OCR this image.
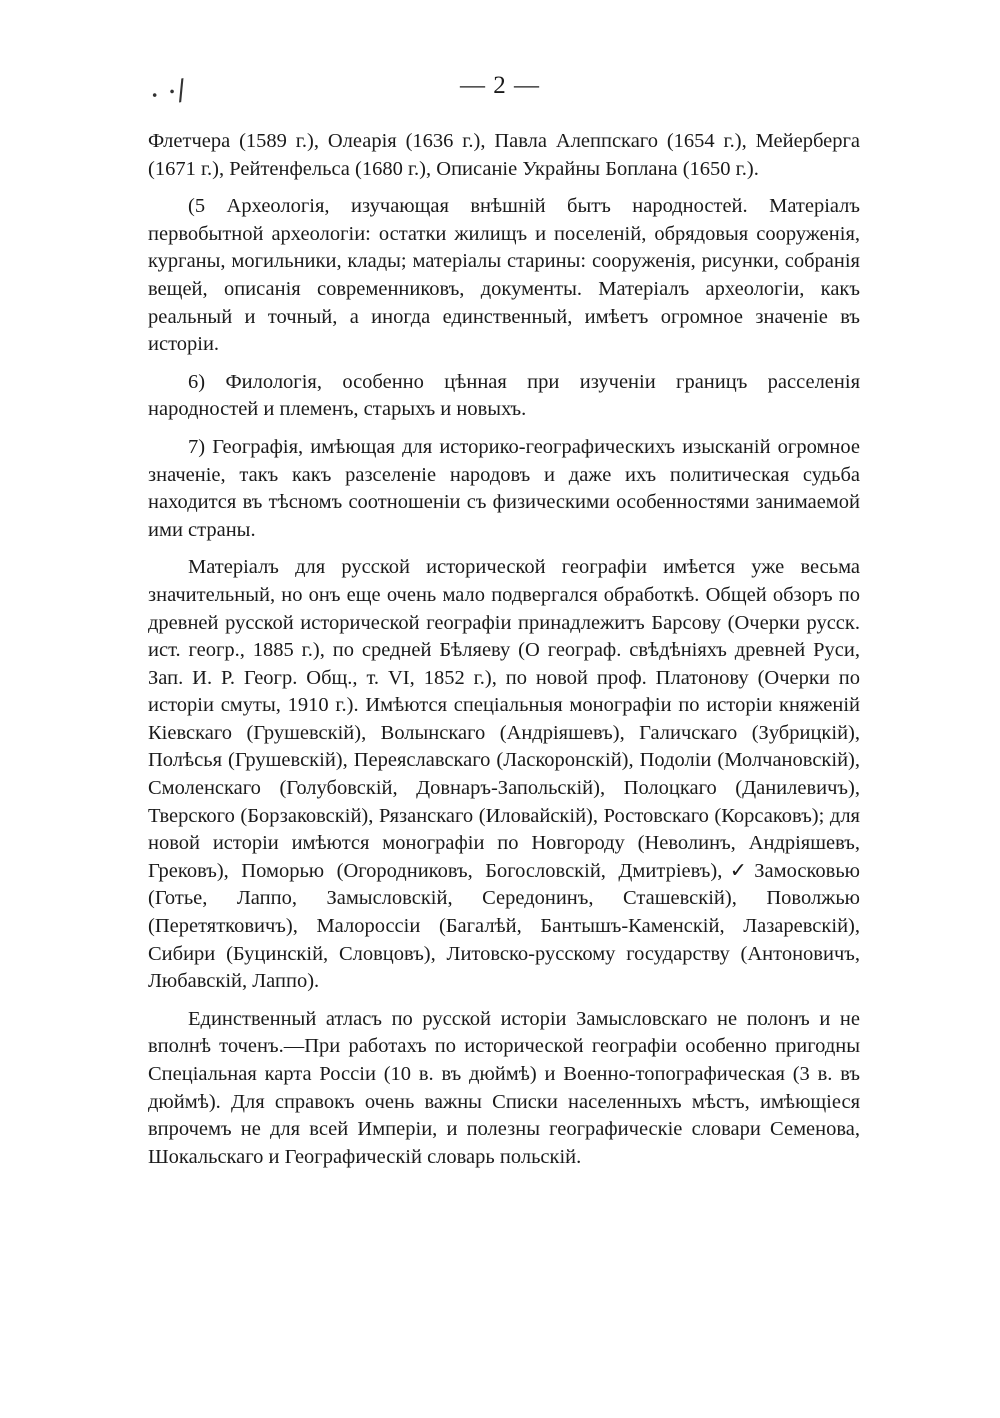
· ·/	— 2 —

Флетчера (1589 г.), Олеарія (1636 г.), Павла Алеппскаго (1654 г.), Мейерберга (1671 г.), Рейтенфельса (1680 г.), Описаніе Украйны Боплана (1650 г.).

(5 Археологія, изучающая внѣшній бытъ народностей. Матеріалъ первобытной археологіи: остатки жилищъ и поселеній, обрядовыя сооруженія, курганы, могильники, клады; матеріалы старины: сооруженія, рисунки, собранія вещей, описанія современниковъ, документы. Матеріалъ археологіи, какъ реальный и точный, а иногда единственный, имѣетъ огромное значеніе въ исторіи.

6) Филологія, особенно цѣнная при изученіи границъ расселенія народностей и племенъ, старыхъ и новыхъ.

7) Географія, имѣющая для историко-географическихъ изысканій огромное значеніе, такъ какъ разселеніе народовъ и даже ихъ политическая судьба находится въ тѣсномъ соотношеніи съ физическими особенностями занимаемой ими страны.

Матеріалъ для русской исторической географіи имѣется уже весьма значительный, но онъ еще очень мало подвергался обработкѣ. Общей обзоръ по древней русской исторической географіи принадлежитъ Барсову (Очерки русск. ист. геогр., 1885 г.), по средней Бѣляеву (О географ. свѣдѣніяхъ древней Руси, Зап. И. Р. Геогр. Общ., т. VI, 1852 г.), по новой проф. Платонову (Очерки по исторіи смуты, 1910 г.). Имѣются спеціальныя монографіи по исторіи княженій Кіевскаго (Грушевскій), Волынскаго (Андріяшевъ), Галичскаго (Зубрицкій), Полѣсья (Грушевскій), Переяславскаго (Ласкоронскій), Подоліи (Молчановскій), Смоленскаго (Голубовскій, Довнаръ-Запольскій), Полоцкаго (Данилевичъ), Тверского (Борзаковскій), Рязанскаго (Иловайскій), Ростовскаго (Корсаковъ); для новой исторіи имѣются монографіи по Новгороду (Неволинъ, Андріяшевъ, Грековъ), Поморью (Огородниковъ, Богословскій, Дмитріевъ),✓Замосковью (Готье, Лаппо, Замысловскій, Середонинъ, Сташевскій), Поволжью (Перетятковичъ), Малороссіи (Багалѣй, Бантышъ-Каменскій, Лазаревскій), Сибири (Буцинскій, Словцовъ), Литовско-русскому государству (Антоновичъ, Любавскій, Лаппо).

Единственный атласъ по русской исторіи Замысловскаго не полонъ и не вполнѣ точенъ.—При работахъ по исторической географіи особенно пригодны Спеціальная карта Россіи (10 в. въ дюймѣ) и Военно-топографическая (3 в. въ дюймѣ). Для справокъ очень важны Списки населенныхъ мѣстъ, имѣющіеся впрочемъ не для всей Имперіи, и полезны географическіе словари Семенова, Шокальскаго и Географическій словарь польскій.
